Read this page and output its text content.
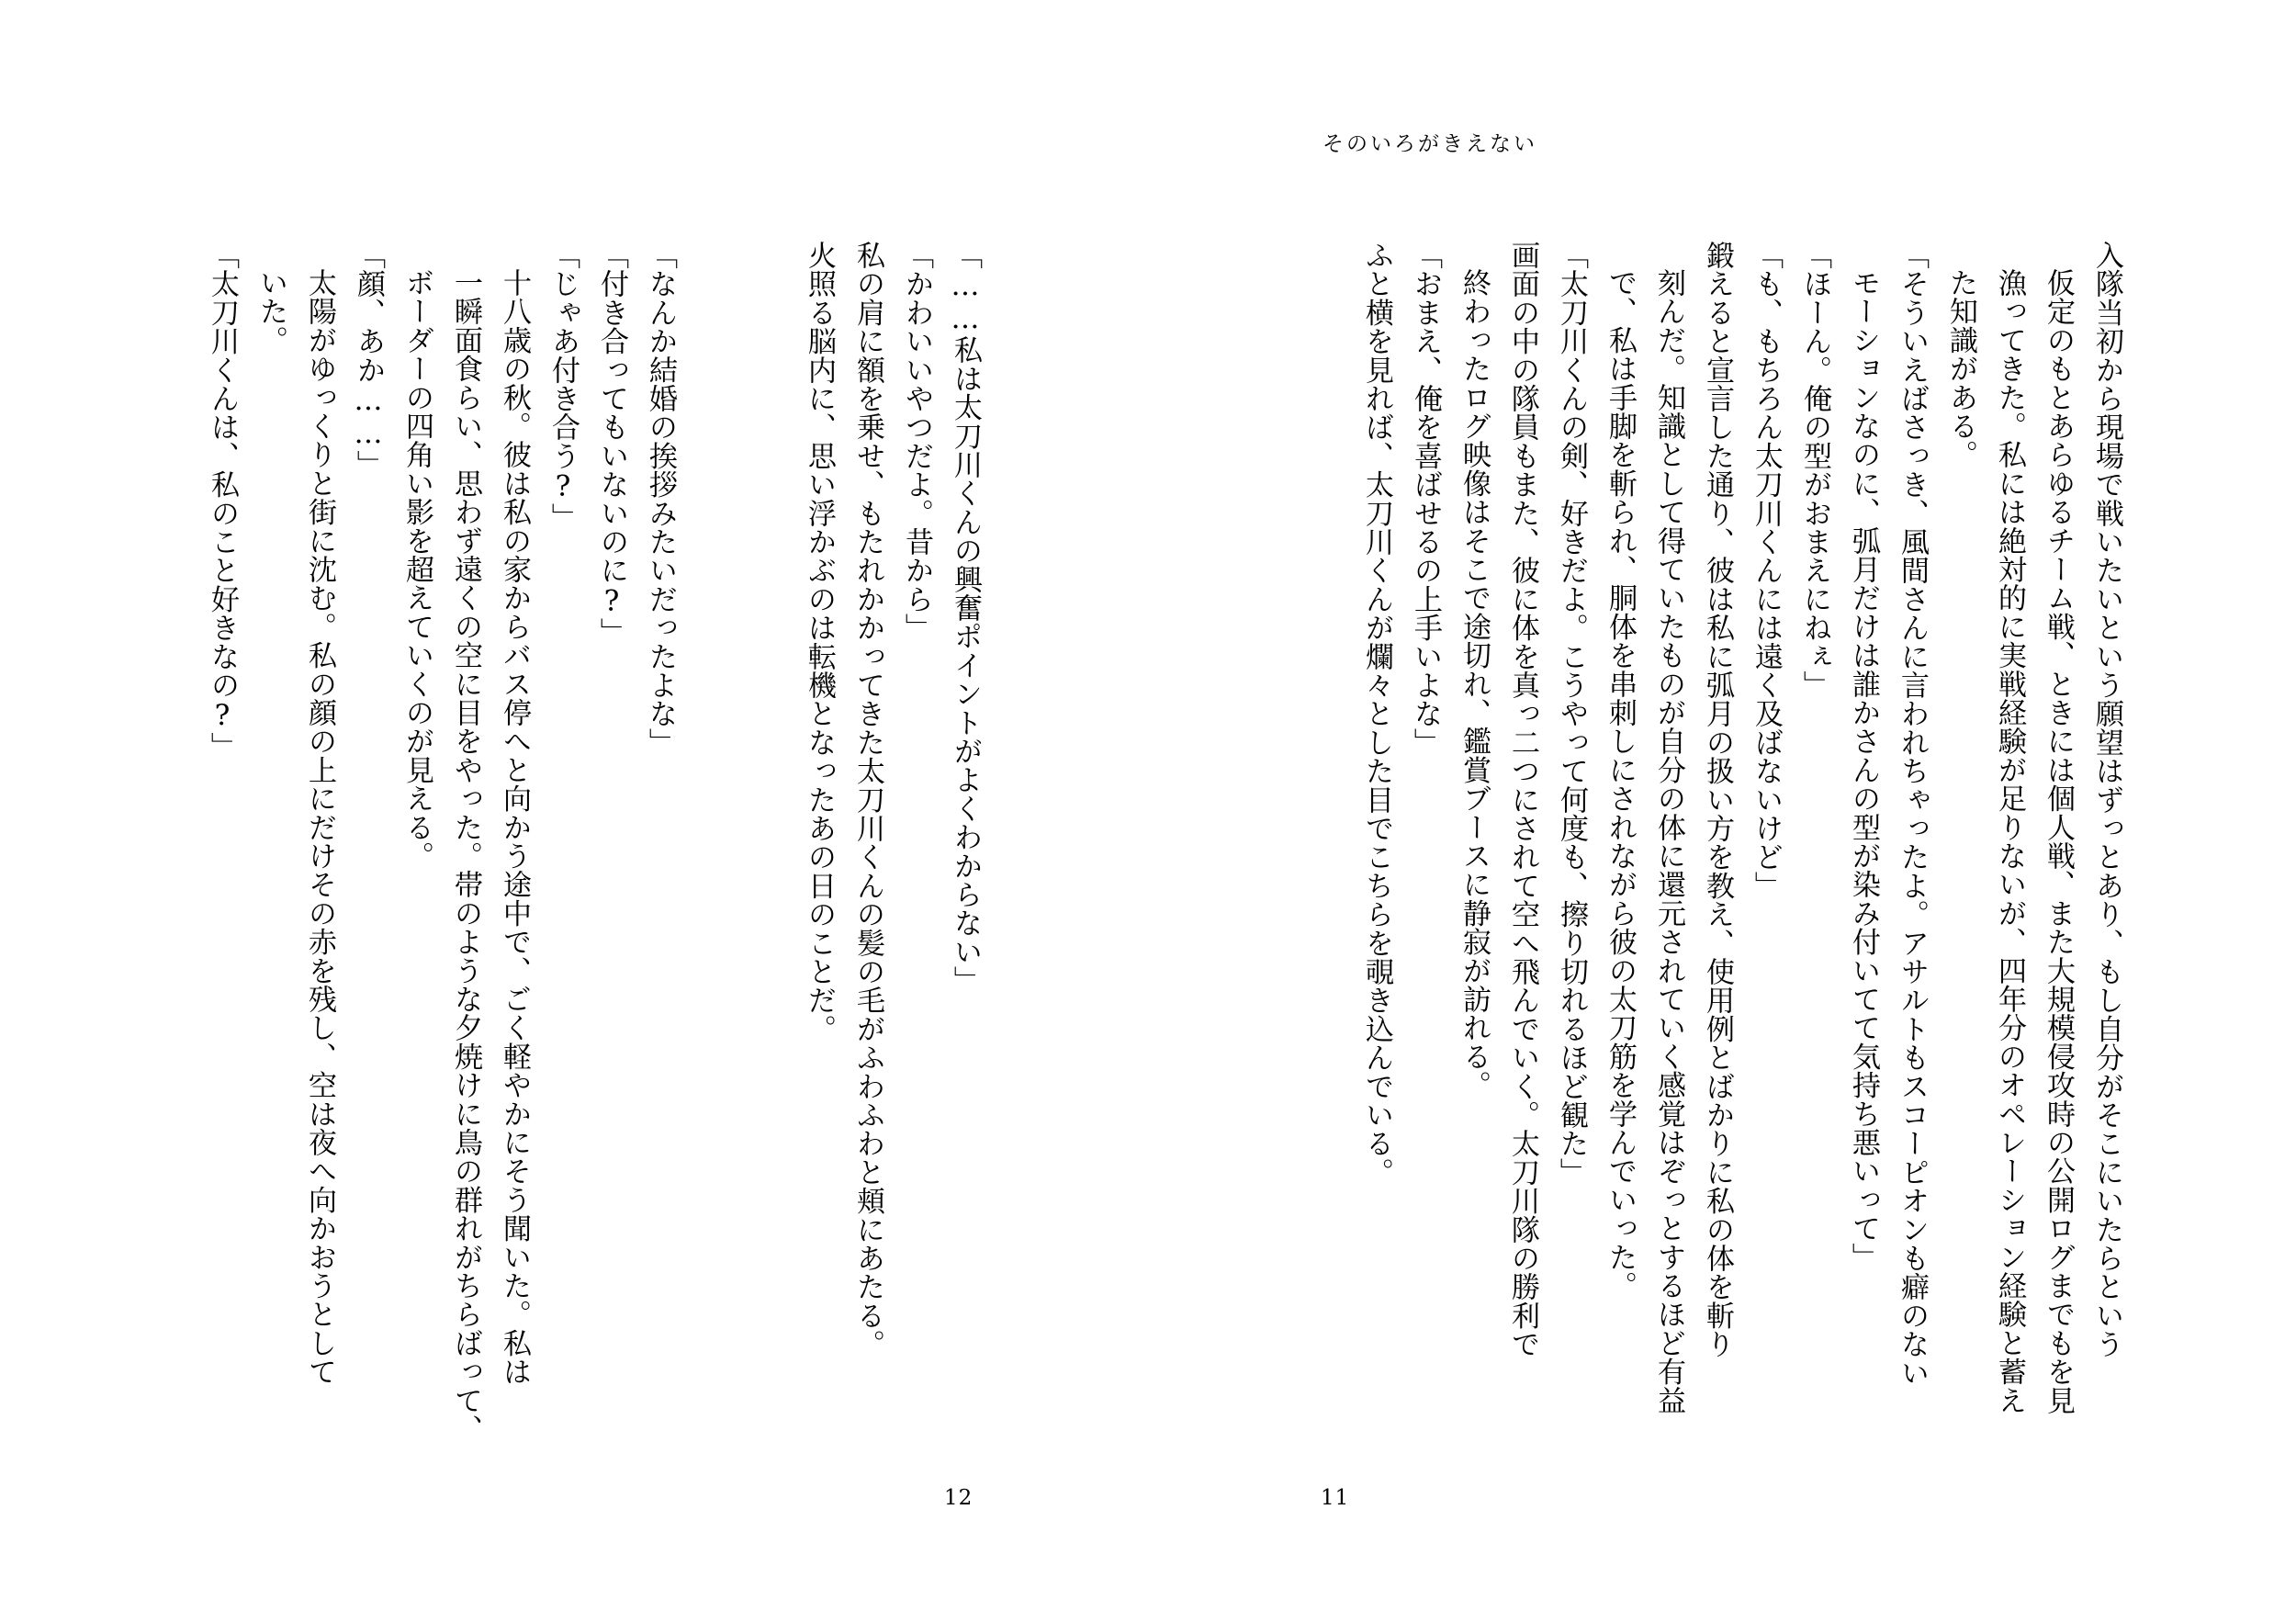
そのいろがきえない
入隊当初から現場で戦いたいという願望はずっとあり、もし自分がそこにいたらという
仮定のもとあらゆるチーム戦、ときには個人戦、また大規模侵攻時の公開ログまでもを見
漁ってきた。私には絶対的に実戦経験が足りないが、四年分のオペレーション経験と蓄え
た知識がある。
「そういえばさっき、風間さんに言われちゃったよ。アサルトもスコーピオンも癖のない
モーションなのに、弧月だけは誰かさんの型が染み付いてて気持ち悪いって」
「ほーん。俺の型がおまえにねぇ」
「も、もちろん太刀川くんには遠く及ばないけど」
鍛えると宣言した通り、彼は私に弧月の扱い方を教え、使用例とばかりに私の体を斬り
刻んだ。知識として得ていたものが自分の体に還元されていく感覚はぞっとするほど有益
で、私は手脚を斬られ、胴体を串刺しにされながら彼の太刀筋を学んでいった。
「太刀川くんの剣、好きだよ。こうやって何度も、擦り切れるほど観た」
画面の中の隊員もまた、彼に体を真っ二つにされて空へ飛んでいく。太刀川隊の勝利で
終わったログ映像はそこで途切れ、鑑賞ブースに静寂が訪れる。
「おまえ、俺を喜ばせるの上手いよな」
ふと横を見れば、太刀川くんが爛々とした目でこちらを覗き込んでいる。
11
「……私は太刀川くんの興奮ポイントがよくわからない」
「かわいいやつだよ。昔から」
私の肩に額を乗せ、もたれかかってきた太刀川くんの髪の毛がふわふわと頬にあたる。
火照る脳内に、思い浮かぶのは転機となったあの日のことだ。
「なんか結婚の挨拶みたいだったよな」
「付き合ってもいないのに?」
「じゃあ付き合う?」
十八歳の秋。彼は私の家からバス停へと向かう途中で、ごく軽やかにそう聞いた。私は
一瞬面食らい、思わず遠くの空に目をやった。帯のような夕焼けに鳥の群れがちらばって、
ボーダーの四角い影を超えていくのが見える。
「顔、あか……」
太陽がゆっくりと街に沈む。私の顔の上にだけその赤を残し、空は夜へ向かおうとして
いた。
「太刀川くんは、私のこと好きなの?」
12
